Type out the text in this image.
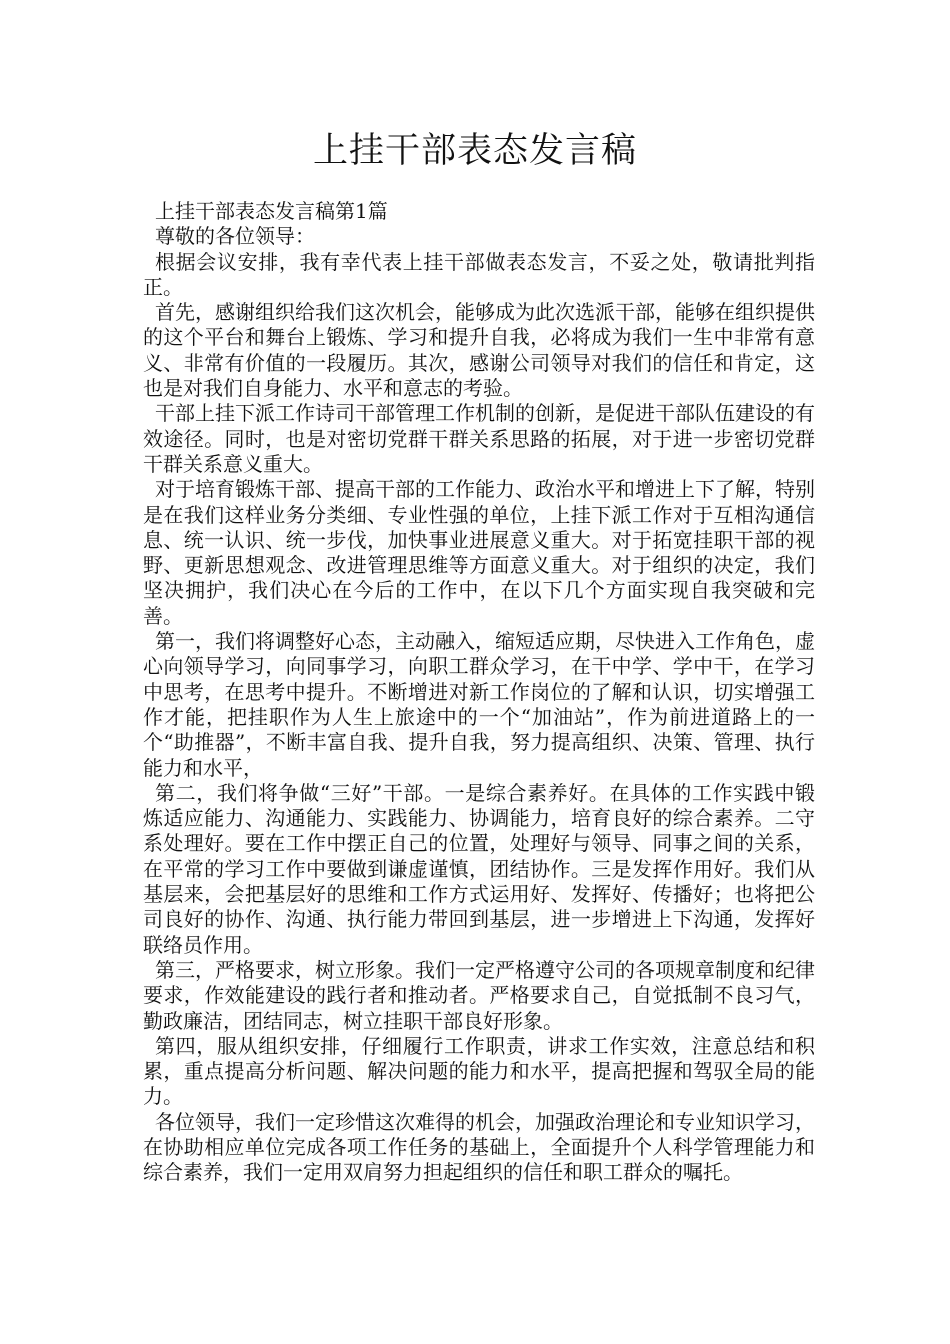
上挂干部表态发言稿

上挂干部表态发言稿第1篇

尊敬的各位领导：

根据会议安排，我有幸代表上挂干部做表态发言，不妥之处，敬请批判指正。

首先，感谢组织给我们这次机会，能够成为此次选派干部，能够在组织提供的这个平台和舞台上锻炼、学习和提升自我，必将成为我们一生中非常有意义、非常有价值的一段履历。其次，感谢公司领导对我们的信任和肯定，这也是对我们自身能力、水平和意志的考验。

干部上挂下派工作诗司干部管理工作机制的创新，是促进干部队伍建设的有效途径。同时，也是对密切党群干群关系思路的拓展，对于进一步密切党群干群关系意义重大。

对于培育锻炼干部、提高干部的工作能力、政治水平和增进上下了解，特别是在我们这样业务分类细、专业性强的单位，上挂下派工作对于互相沟通信息、统一认识、统一步伐，加快事业进展意义重大。对于拓宽挂职干部的视野、更新思想观念、改进管理思维等方面意义重大。对于组织的决定，我们坚决拥护，我们决心在今后的工作中，在以下几个方面实现自我突破和完善。

第一，我们将调整好心态，主动融入，缩短适应期，尽快进入工作角色，虚心向领导学习，向同事学习，向职工群众学习，在干中学、学中干，在学习中思考，在思考中提升。不断增进对新工作岗位的了解和认识，切实增强工作才能，把挂职作为人生上旅途中的一个“加油站”，作为前进道路上的一个“助推器”，不断丰富自我、提升自我，努力提高组织、决策、管理、执行能力和水平，

第二，我们将争做“三好”干部。一是综合素养好。在具体的工作实践中锻炼适应能力、沟通能力、实践能力、协调能力，培育良好的综合素养。二守系处理好。要在工作中摆正自己的位置，处理好与领导、同事之间的关系，在平常的学习工作中要做到谦虚谨慎，团结协作。三是发挥作用好。我们从基层来，会把基层好的思维和工作方式运用好、发挥好、传播好；也将把公司良好的协作、沟通、执行能力带回到基层，进一步增进上下沟通，发挥好联络员作用。

第三，严格要求，树立形象。我们一定严格遵守公司的各项规章制度和纪律要求，作效能建设的践行者和推动者。严格要求自己，自觉抵制不良习气，勤政廉洁，团结同志，树立挂职干部良好形象。

第四，服从组织安排，仔细履行工作职责，讲求工作实效，注意总结和积累，重点提高分析问题、解决问题的能力和水平，提高把握和驾驭全局的能力。

各位领导，我们一定珍惜这次难得的机会，加强政治理论和专业知识学习，在协助相应单位完成各项工作任务的基础上，全面提升个人科学管理能力和综合素养，我们一定用双肩努力担起组织的信任和职工群众的嘱托。
